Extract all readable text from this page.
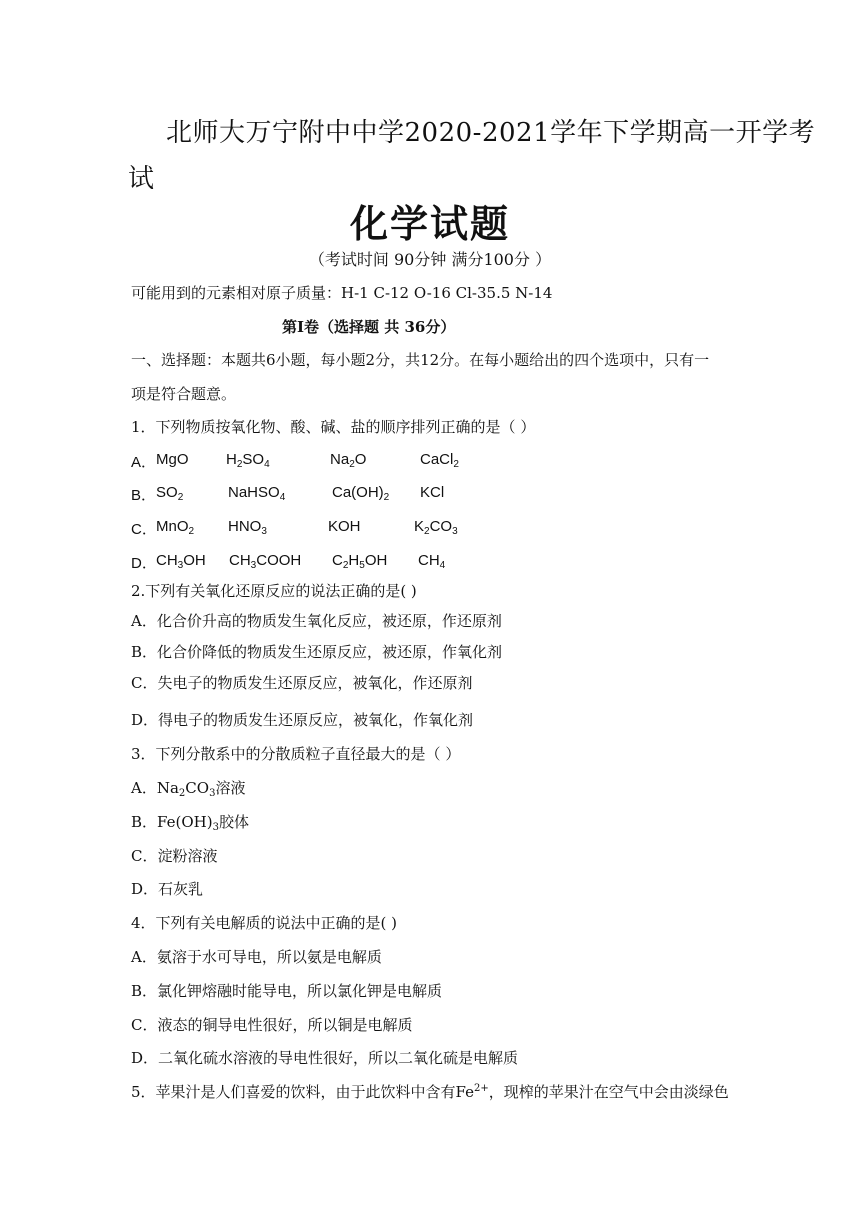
北师大万宁附中中学2020-2021学年下学期高一开学考
试
化学试题
（考试时间 90分钟 满分100分 ）
可能用到的元素相对原子质量：H-1 C-12 O-16 Cl-35.5 N-14
第Ⅰ卷（选择题 共 36分）
一、选择题：本题共6小题，每小题2分，共12分。在每小题给出的四个选项中，只有一
项是符合题意。
1．下列物质按氧化物、酸、碱、盐的顺序排列正确的是（ ）
A． MgO $H_2SO_4$	$Na_2O$	CaCl$_2$
B． $SO_2$	NaHSO$_4$	$Ca(OH)_2$ KCl
C． MnO$_2$ $HNO_3$	KOH	$K_2CO_3$
D． $CH_3OH$ $CH_3COOH$ $C_2H_5OH$ $CH_4$
2.下列有关氧化还原反应的说法正确的是( )
A．化合价升高的物质发生氧化反应，被还原，作还原剂
B．化合价降低的物质发生还原反应，被还原，作氧化剂
C．失电子的物质发生还原反应，被氧化，作还原剂
D．得电子的物质发生还原反应，被氧化，作氧化剂
3．下列分散系中的分散质粒子直径最大的是（ ）
A．$Na_2CO_3$溶液
B．$Fe(OH)_3$胶体
C．淀粉溶液
D．石灰乳
4．下列有关电解质的说法中正确的是( )
A．氨溶于水可导电，所以氨是电解质
B．氯化钾熔融时能导电，所以氯化钾是电解质
C．液态的铜导电性很好，所以铜是电解质
D．二氧化硫水溶液的导电性很好，所以二氧化硫是电解质
5．苹果汁是人们喜爱的饮料，由于此饮料中含有$Fe^{2+}$，现榨的苹果汁在空气中会由淡绿色
